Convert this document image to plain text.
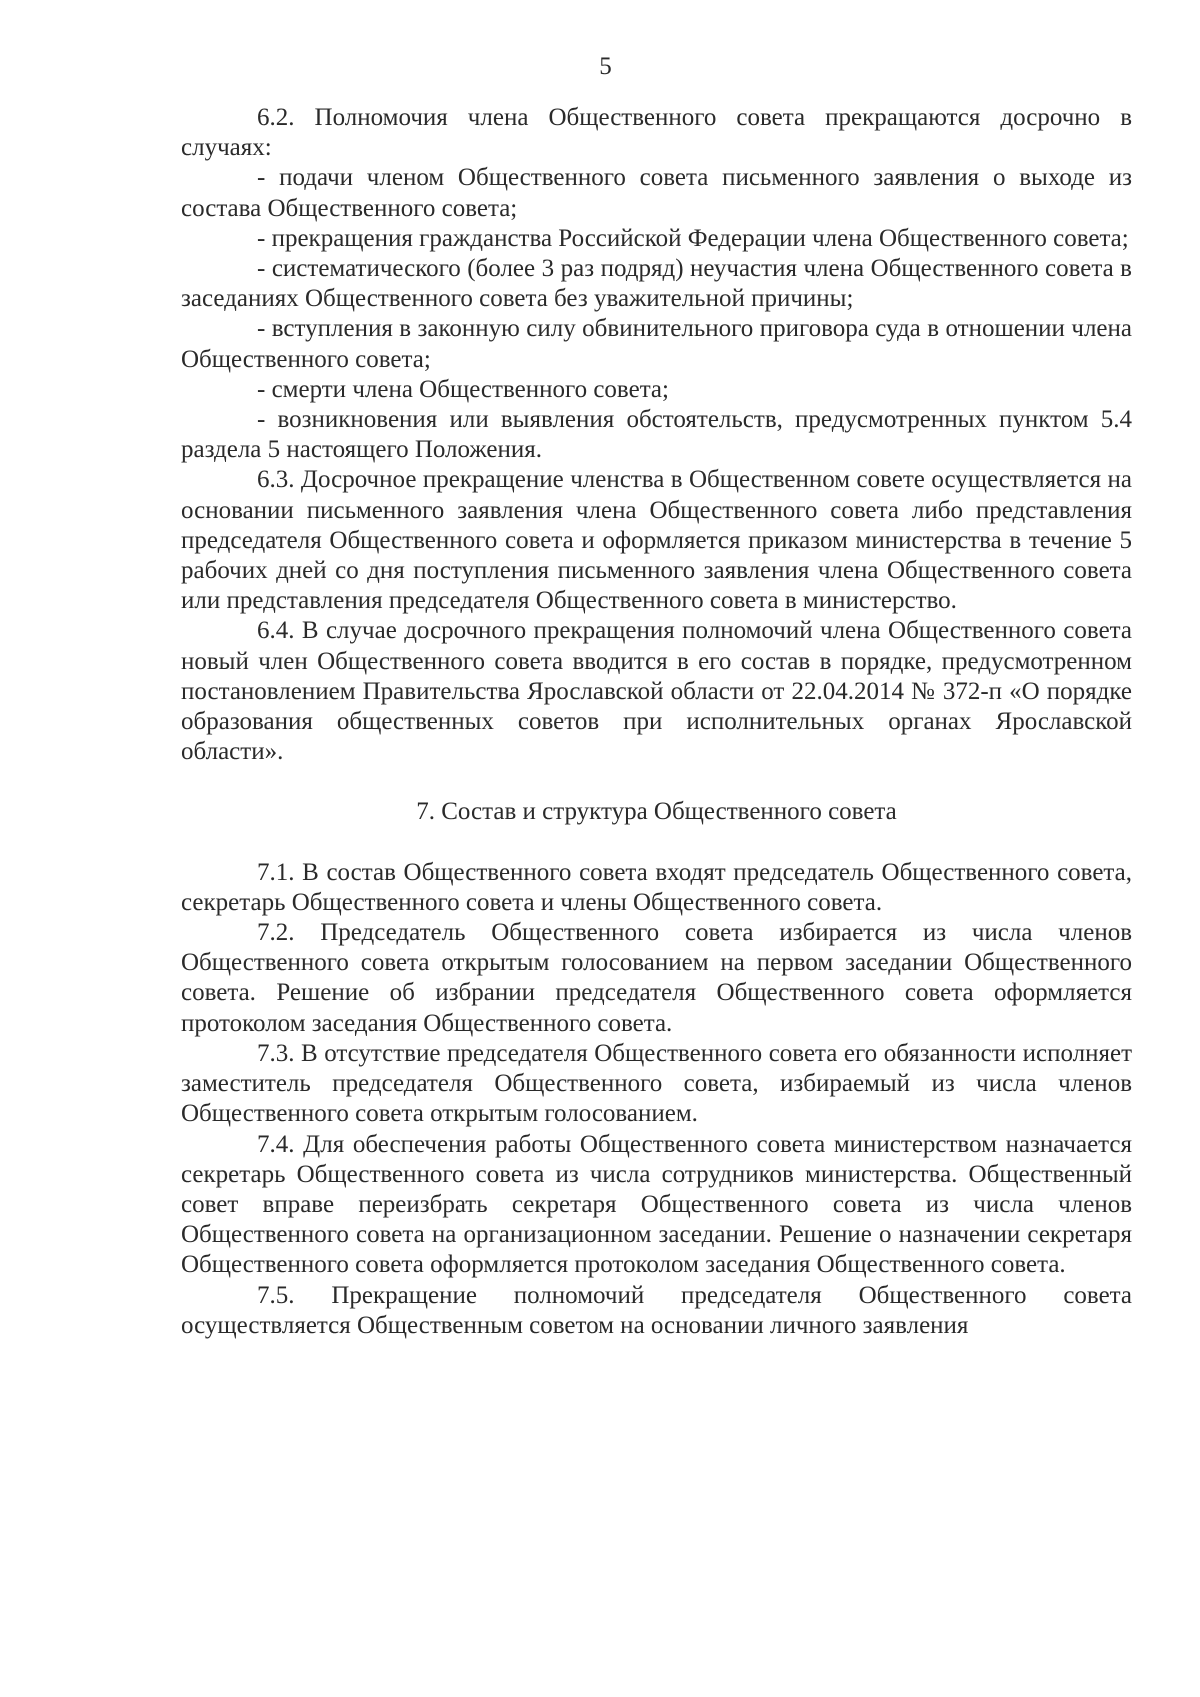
5

6.2. Полномочия члена Общественного совета прекращаются досрочно в случаях:

- подачи членом Общественного совета письменного заявления о выходе из состава Общественного совета;

- прекращения гражданства Российской Федерации члена Общественного совета;

- систематического (более 3 раз подряд) неучастия члена Общественного совета в заседаниях Общественного совета без уважительной причины;

- вступления в законную силу обвинительного приговора суда в отношении члена Общественного совета;

- смерти члена Общественного совета;

- возникновения или выявления обстоятельств, предусмотренных пунктом 5.4 раздела 5 настоящего Положения.

6.3. Досрочное прекращение членства в Общественном совете осуществляется на основании письменного заявления члена Общественного совета либо представления председателя Общественного совета и оформляется приказом министерства в течение 5 рабочих дней со дня поступления письменного заявления члена Общественного совета или представления председателя Общественного совета в министерство.

6.4. В случае досрочного прекращения полномочий члена Общественного совета новый член Общественного совета вводится в его состав в порядке, предусмотренном постановлением Правительства Ярославской области от 22.04.2014 № 372-п «О порядке образования общественных советов при исполнительных органах Ярославской области».

7. Состав и структура Общественного совета

7.1. В состав Общественного совета входят председатель Общественного совета, секретарь Общественного совета и члены Общественного совета.

7.2. Председатель Общественного совета избирается из числа членов Общественного совета открытым голосованием на первом заседании Общественного совета. Решение об избрании председателя Общественного совета оформляется протоколом заседания Общественного совета.

7.3. В отсутствие председателя Общественного совета его обязанности исполняет заместитель председателя Общественного совета, избираемый из числа членов Общественного совета открытым голосованием.

7.4. Для обеспечения работы Общественного совета министерством назначается секретарь Общественного совета из числа сотрудников министерства. Общественный совет вправе переизбрать секретаря Общественного совета из числа членов Общественного совета на организационном заседании. Решение о назначении секретаря Общественного совета оформляется протоколом заседания Общественного совета.

7.5. Прекращение полномочий председателя Общественного совета осуществляется Общественным советом на основании личного заявления
